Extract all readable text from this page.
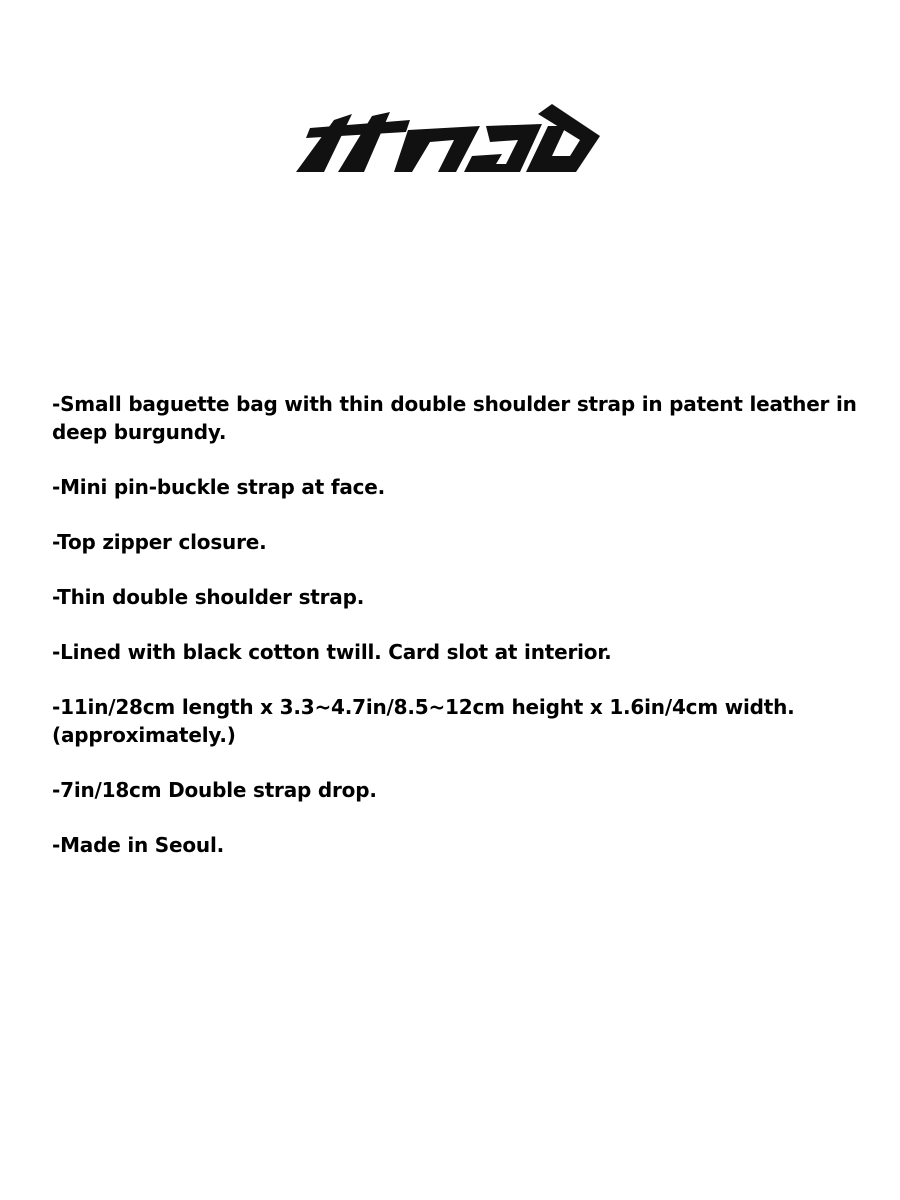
-Small baguette bag with thin double shoulder strap in patent leather in deep burgundy.
-Mini pin-buckle strap at face.
-Top zipper closure.
-Thin double shoulder strap.
-Lined with black cotton twill. Card slot at interior.
-11in/28cm length x 3.3~4.7in/8.5~12cm height x 1.6in/4cm width.
(approximately.)
-7in/18cm Double strap drop.
-Made in Seoul.
